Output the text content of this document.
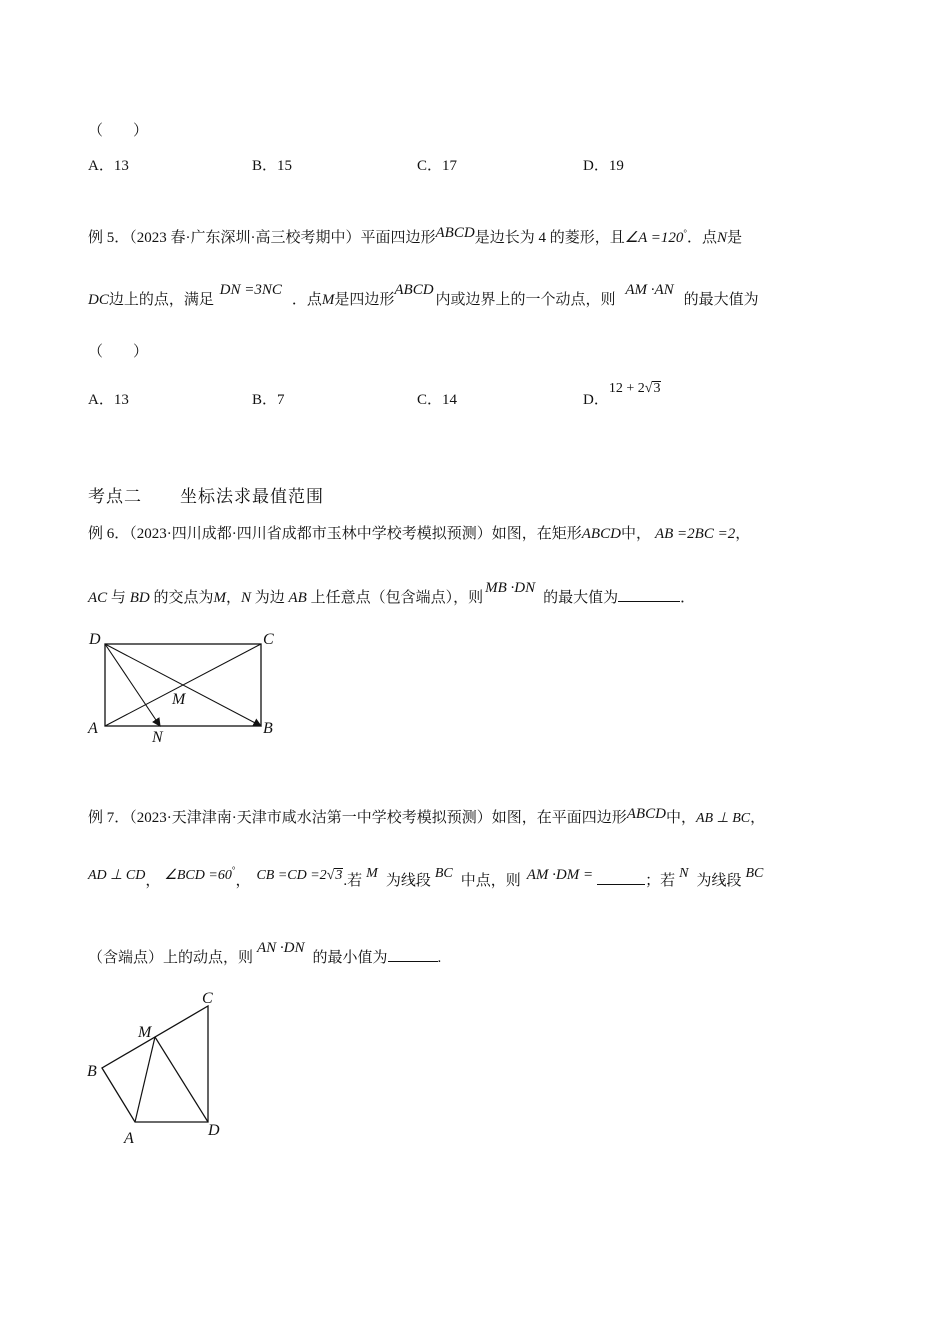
（　　）
A．13	B．15	C．17	D．19
例 5．（2023 春·广东深圳·高三校考期中）平面四边形ABCD是边长为 4 的菱形，且∠A =120°．点N是
DC边上的点，满足 DN =3NC．点M是四边形ABCD内或边界上的一个动点，则 AM ·AN的最大值为
（　　）
A．13	B．7	C．14	D．12 + 2√3
考点二 坐标法求最值范围
例 6．（2023·四川成都·四川省成都市玉林中学校考模拟预测）如图，在矩形ABCD中， AB =2BC =2，
AC 与 BD 的交点为M，N 为边 AB 上任意点（包含端点），则MB ·DN的最大值为	．
D	C
M
A
N
B
例 7．（2023·天津津南·天津市咸水沽第一中学校考模拟预测）如图，在平面四边形ABCD中，AB ⊥ BC，
AD ⊥ CD， ∠BCD =60°， CB =CD =2√3.若 M 为线段 BC 中点，则 AM ·DM =	；若 N 为线段 BC
（含端点）上的动点，则AN ·DN的最小值为	.
C
M
B
A	D
